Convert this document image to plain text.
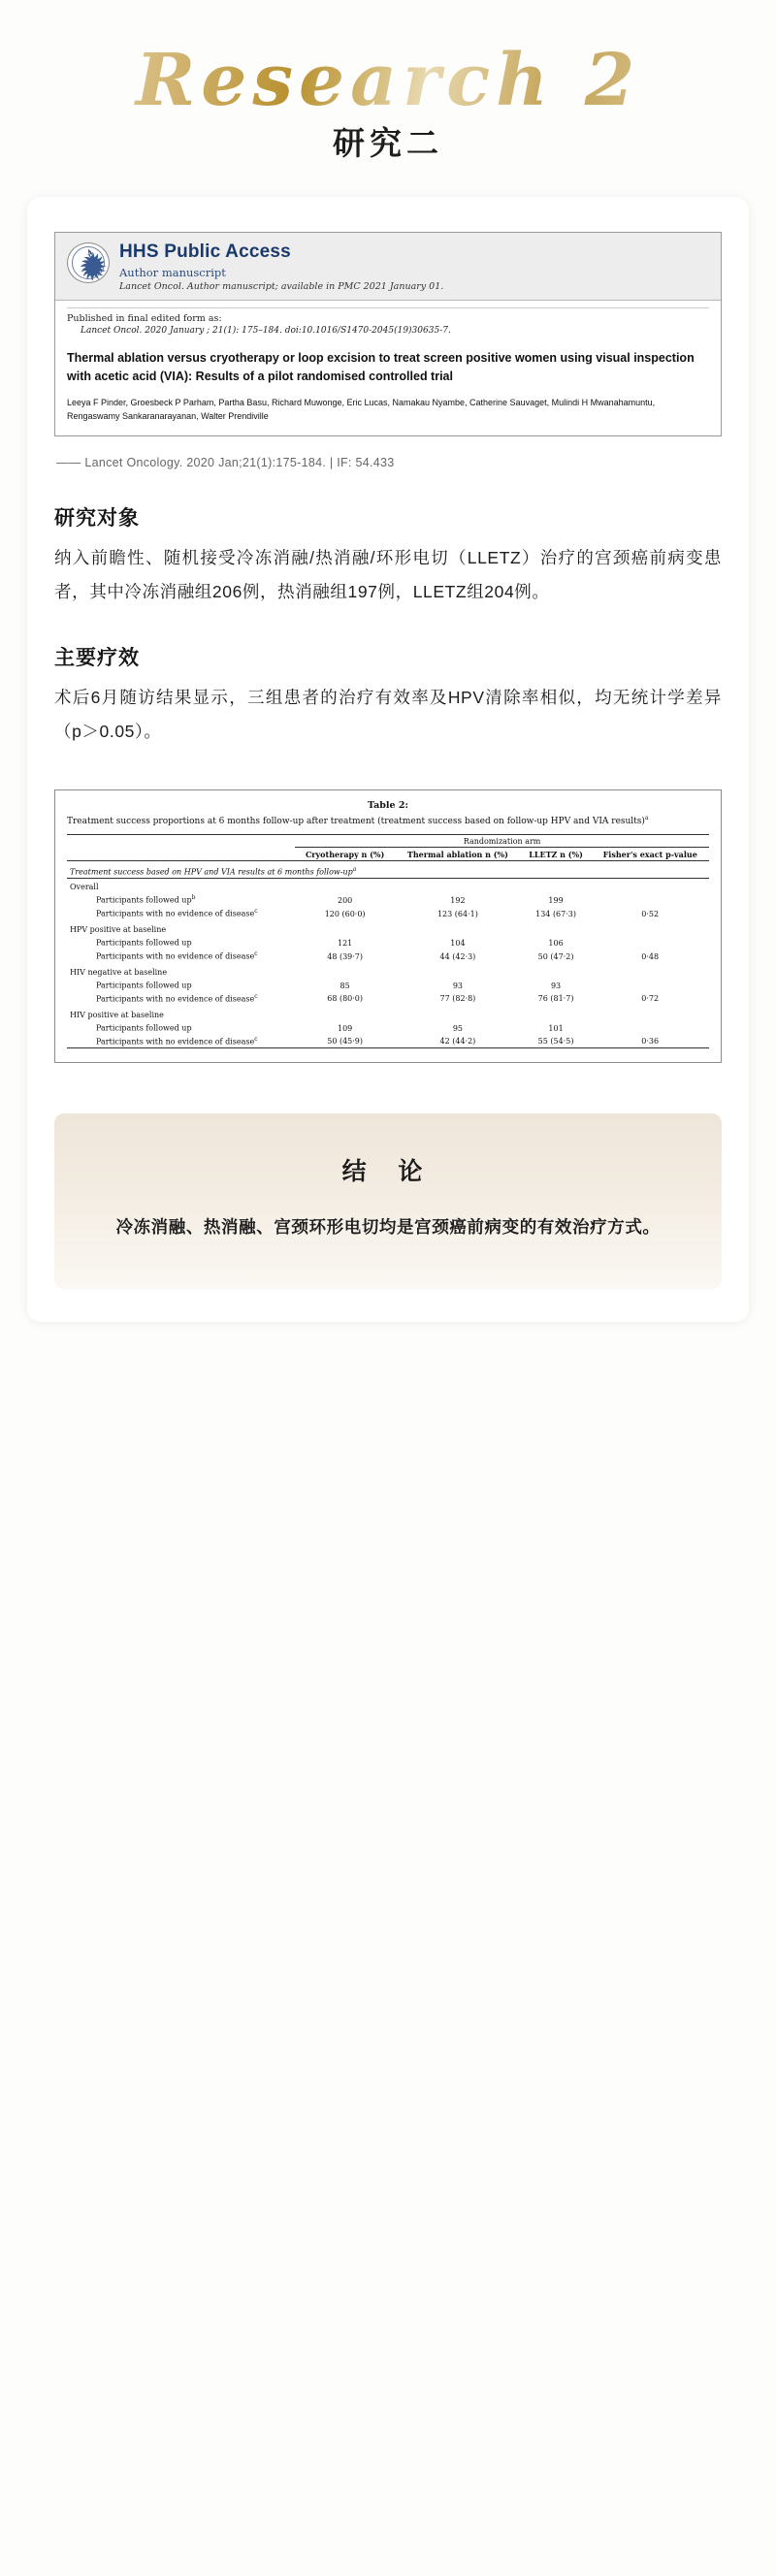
Research 2
研究二
HHS Public Access
Author manuscript
Lancet Oncol. Author manuscript; available in PMC 2021 January 01.
Published in final edited form as:
Lancet Oncol. 2020 January ; 21(1): 175–184. doi:10.1016/S1470-2045(19)30635-7.
Thermal ablation versus cryotherapy or loop excision to treat screen positive women using visual inspection with acetic acid (VIA): Results of a pilot randomised controlled trial
Leeya F Pinder, Groesbeck P Parham, Partha Basu, Richard Muwonge, Eric Lucas, Namakau Nyambe, Catherine Sauvaget, Mulindi H Mwanahamuntu, Rengaswamy Sankaranarayanan, Walter Prendiville
—— Lancet Oncology. 2020 Jan;21(1):175-184. | IF: 54.433
研究对象
纳入前瞻性、随机接受冷冻消融/热消融/环形电切（LLETZ）治疗的宫颈癌前病变患者，其中冷冻消融组206例，热消融组197例，LLETZ组204例。
主要疗效
术后6月随访结果显示，三组患者的治疗有效率及HPV清除率相似，均无统计学差异（p＞0.05）。
Table 2:
Treatment success proportions at 6 months follow-up after treatment (treatment success based on follow-up HPV and VIA results)$^a$
	Randomization arm			
	Cryotherapy n (%)	Thermal ablation n (%)	LLETZ n (%)	Fisher's exact p-value
Treatment success based on HPV and VIA results at 6 months follow-$up^a$
Overall				
Participants followed $up^b$	200	192	199	
Participants with no evidence of disease$^c$	120 (60·0)	123 (64·1)	134 (67·3)	0·52
HPV positive at baseline				
Participants followed up	121	104	106	
Participants with no evidence of disease$^c$	48 (39·7)	44 (42·3)	50 (47·2)	0·48
HIV negative at baseline				
Participants followed up	85	93	93	
Participants with no evidence of disease$^c$	68 (80·0)	77 (82·8)	76 (81·7)	0·72
HIV positive at baseline				
Participants followed up	109	95	101	
Participants with no evidence of disease$^c$	50 (45·9)	42 (44·2)	55 (54·5)	0·36
结 论
冷冻消融、热消融、宫颈环形电切均是宫颈癌前病变的有效治疗方式。
